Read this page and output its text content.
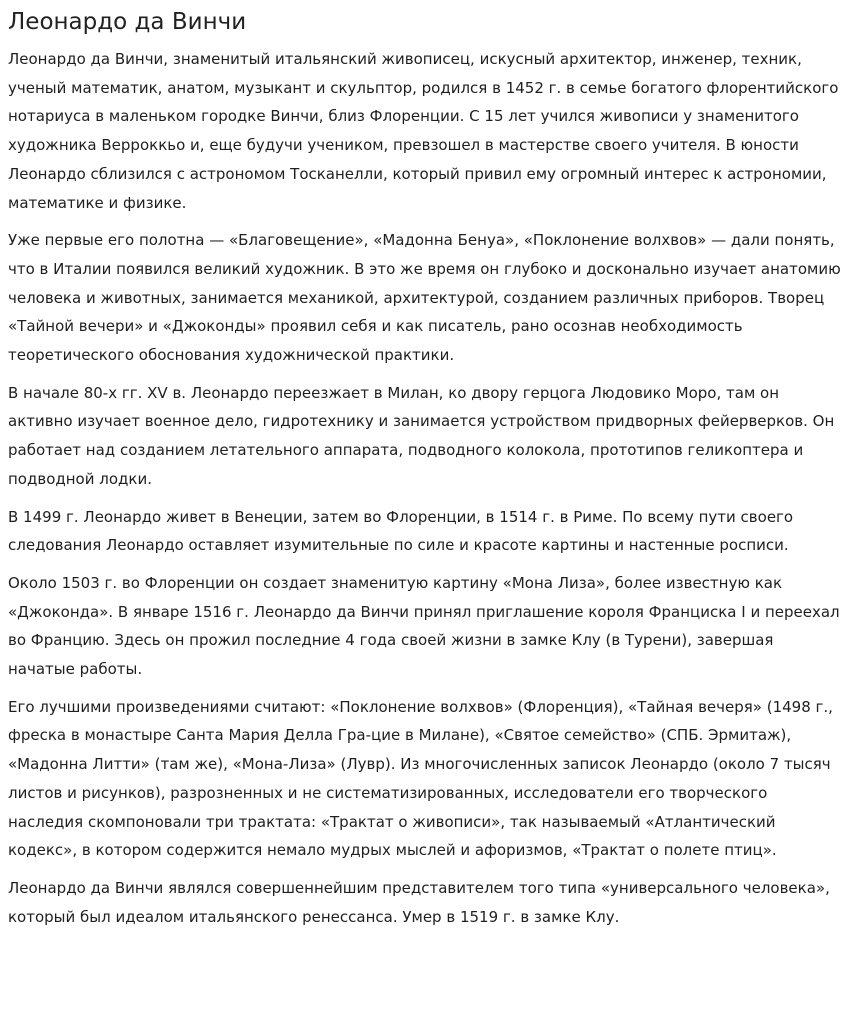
Леонардо да Винчи

Леонардо да Винчи, знаменитый итальянский живописец, искусный архитектор, инженер, техник, ученый математик, анатом, музыкант и скульптор, родился в 1452 г. в семье богатого флорентийского нотариуса в маленьком городке Винчи, близ Флоренции. С 15 лет учился живописи у знаменитого художника Верроккьо и, еще будучи учеником, превзошел в мастерстве своего учителя. В юности Леонардо сблизился с астрономом Тосканелли, который привил ему огромный интерес к астрономии, математике и физике.

Уже первые его полотна — «Благовещение», «Мадонна Бенуа», «Поклонение волхвов» — дали понять, что в Италии появился великий художник. В это же время он глубоко и досконально изучает анатомию человека и животных, занимается механикой, архитектурой, созданием различных приборов. Творец «Тайной вечери» и «Джоконды» проявил себя и как писатель, рано осознав необходимость теоретического обоснования художнической практики.

В начале 80-х гг. XV в. Леонардо переезжает в Милан, ко двору герцога Людовико Моро, там он активно изучает военное дело, гидротехнику и занимается устройством придворных фейерверков. Он работает над созданием летательного аппарата, подводного колокола, прототипов геликоптера и подводной лодки.

В 1499 г. Леонардо живет в Венеции, затем во Флоренции, в 1514 г. в Риме. По всему пути своего следования Леонардо оставляет изумительные по силе и красоте картины и настенные росписи.

Около 1503 г. во Флоренции он создает знаменитую картину «Мона Лиза», более известную как «Джоконда». В январе 1516 г. Леонардо да Винчи принял приглашение короля Франциска I и переехал во Францию. Здесь он прожил последние 4 года своей жизни в замке Клу (в Турени), завершая начатые работы.

Его лучшими произведениями считают: «Поклонение волхвов» (Флоренция), «Тайная вечеря» (1498 г., фреска в монастыре Санта Мария Делла Гра-цие в Милане), «Святое семейство» (СПБ. Эрмитаж), «Мадонна Литти» (там же), «Мона-Лиза» (Лувр). Из многочисленных записок Леонардо (около 7 тысяч листов и рисунков), разрозненных и не систематизированных, исследователи его творческого наследия скомпоновали три трактата: «Трактат о живописи», так называемый «Атлантический кодекс», в котором содержится немало мудрых мыслей и афоризмов, «Трактат о полете птиц».

Леонардо да Винчи являлся совершеннейшим представителем того типа «универсального человека», который был идеалом итальянского ренессанса. Умер в 1519 г. в замке Клу.
